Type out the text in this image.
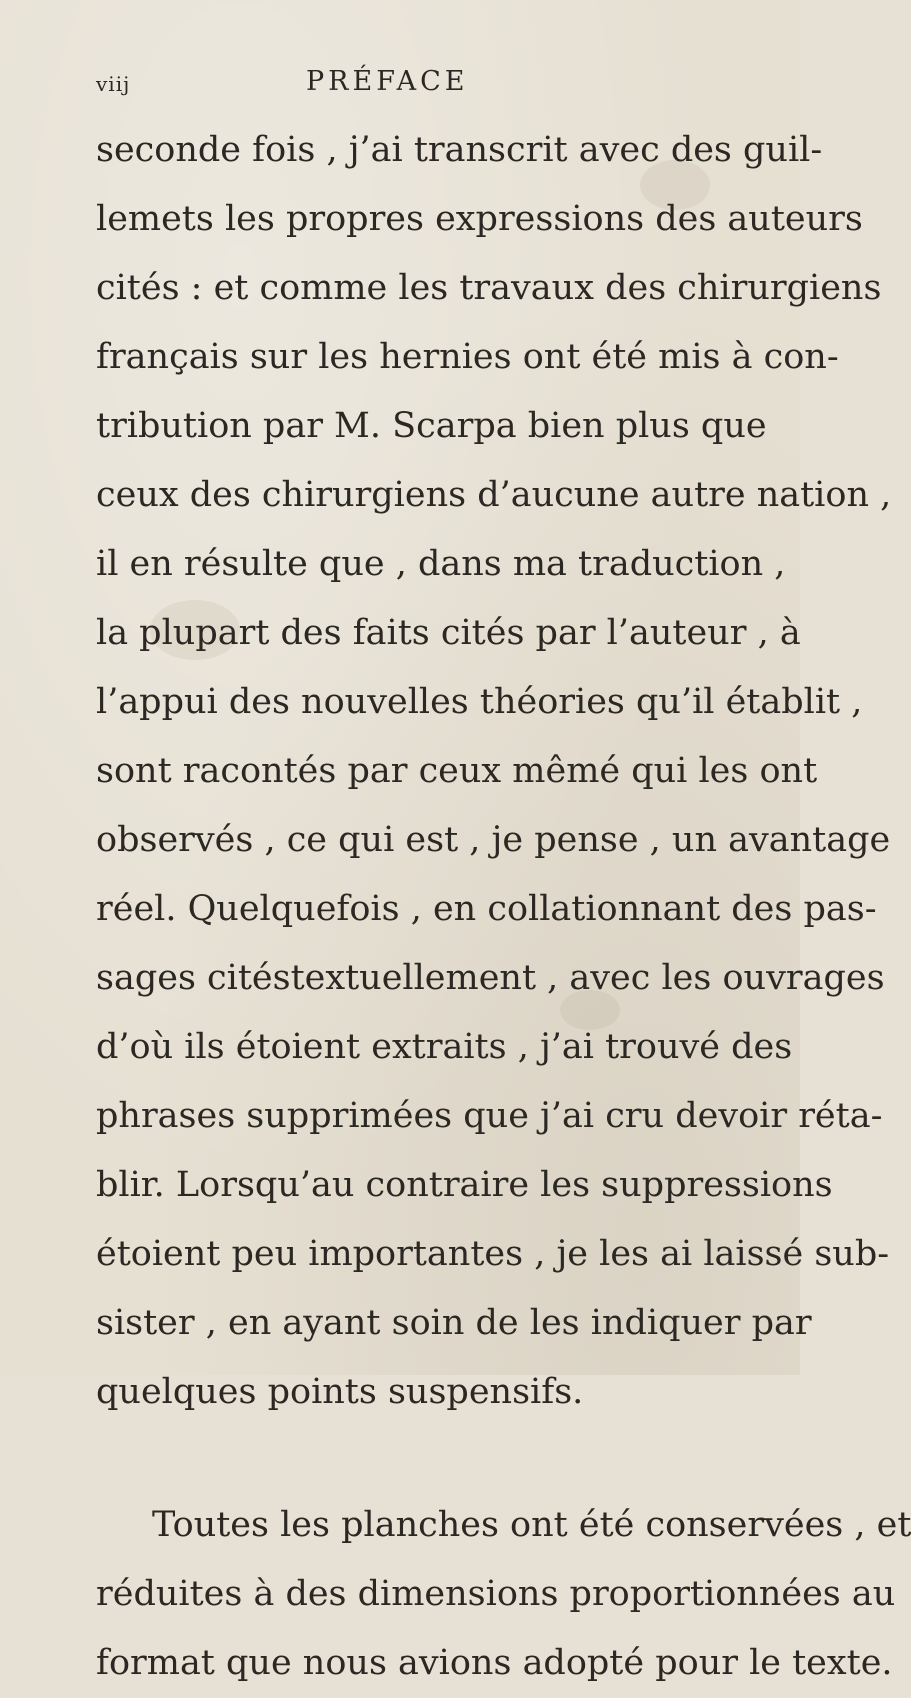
viij	PRÉFACE
seconde fois , j’ai transcrit avec des guil-
lemets les propres expressions des auteurs
cités : et comme les travaux des chirurgiens
français sur les hernies ont été mis à con-
tribution par M. Scarpa bien plus que
ceux des chirurgiens d’aucune autre nation ,
il en résulte que , dans ma traduction ,
la plupart des faits cités par l’auteur , à
l’appui des nouvelles théories qu’il établit ,
sont racontés par ceux mêmé qui les ont
observés , ce qui est , je pense , un avantage
réel. Quelquefois , en collationnant des pas-
sages citéstextuellement , avec les ouvrages
d’où ils étoient extraits , j’ai trouvé des
phrases supprimées que j’ai cru devoir réta-
blir. Lorsqu’au contraire les suppressions
étoient peu importantes , je les ai laissé sub-
sister , en ayant soin de les indiquer par
quelques points suspensifs.
Toutes les planches ont été conservées , et
réduites à des dimensions proportionnées au
format que nous avions adopté pour le texte.
